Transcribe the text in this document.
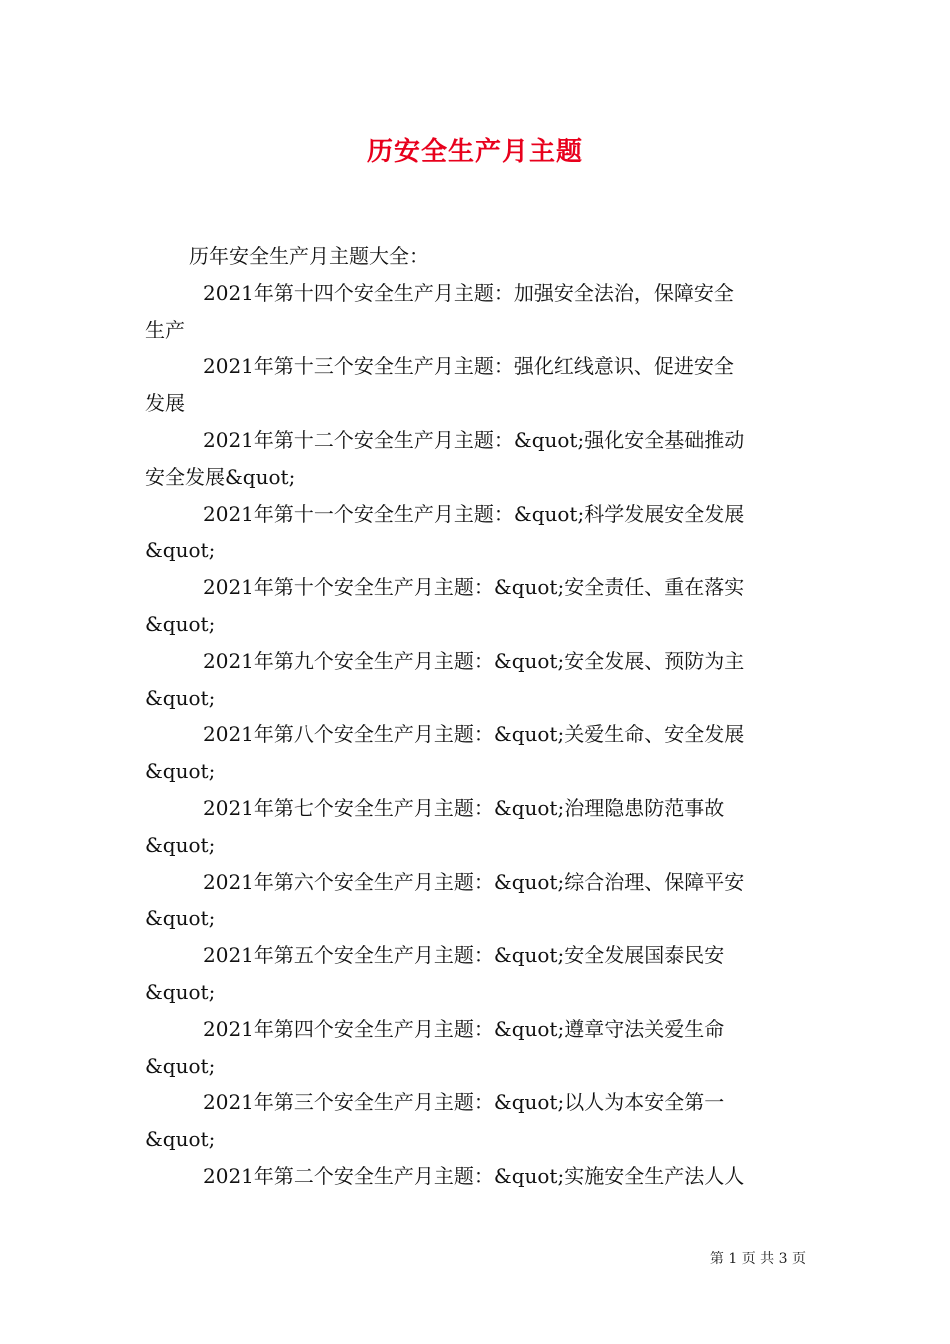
历安全生产月主题

历年安全生产月主题大全：

2021年第十四个安全生产月主题：加强安全法治，保障安全
生产

2021年第十三个安全生产月主题：强化红线意识、促进安全
发展

2021年第十二个安全生产月主题：&quot;强化安全基础推动
安全发展&quot;

2021年第十一个安全生产月主题：&quot;科学发展安全发展
&quot;

2021年第十个安全生产月主题：&quot;安全责任、重在落实
&quot;

2021年第九个安全生产月主题：&quot;安全发展、预防为主
&quot;

2021年第八个安全生产月主题：&quot;关爱生命、安全发展
&quot;

2021年第七个安全生产月主题：&quot;治理隐患防范事故
&quot;

2021年第六个安全生产月主题：&quot;综合治理、保障平安
&quot;

2021年第五个安全生产月主题：&quot;安全发展国泰民安
&quot;

2021年第四个安全生产月主题：&quot;遵章守法关爱生命
&quot;

2021年第三个安全生产月主题：&quot;以人为本安全第一
&quot;

2021年第二个安全生产月主题：&quot;实施安全生产法人人

第 1 页 共 3 页
